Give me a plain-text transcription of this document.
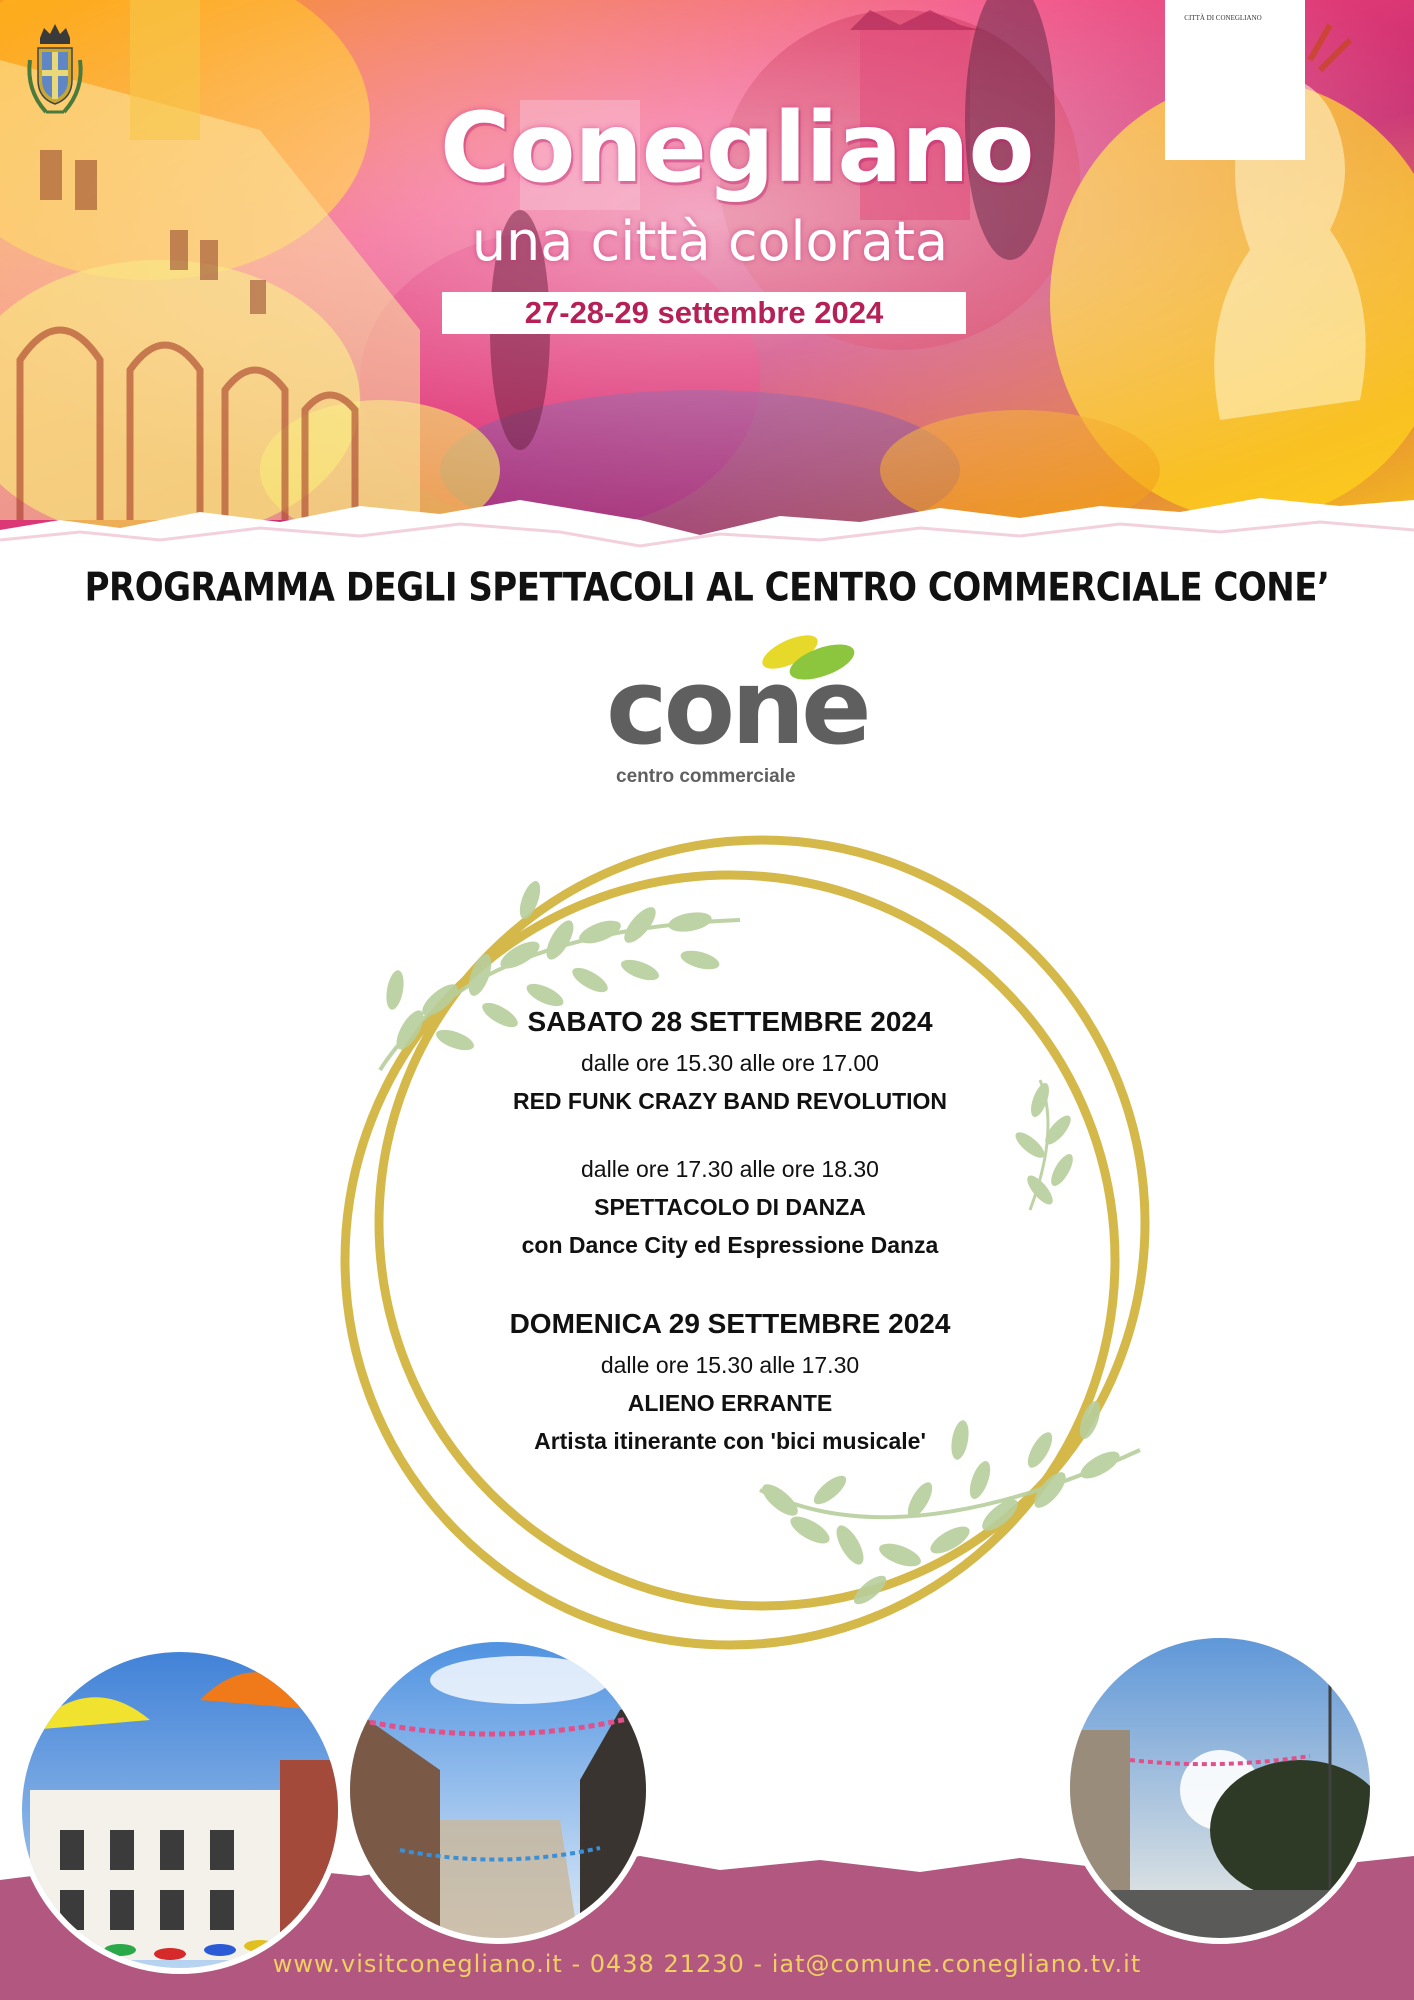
Conegliano
una città colorata
27-28-29 settembre 2024
CITTÀ DI CONEGLIANO
PROGRAMMA DEGLI SPETTACOLI AL CENTRO COMMERCIALE CONE’
cone
centro commerciale

SABATO 28 SETTEMBRE 2024

dalle ore 15.30 alle ore 17.00

RED FUNK CRAZY BAND REVOLUTION

dalle ore 17.30 alle ore 18.30

SPETTACOLO DI DANZA

con Dance City ed Espressione Danza

DOMENICA 29 SETTEMBRE 2024

dalle ore 15.30 alle 17.30

ALIENO ERRANTE

Artista itinerante con 'bici musicale'

www.visitconegliano.it - 0438 21230 - iat@comune.conegliano.tv.it
